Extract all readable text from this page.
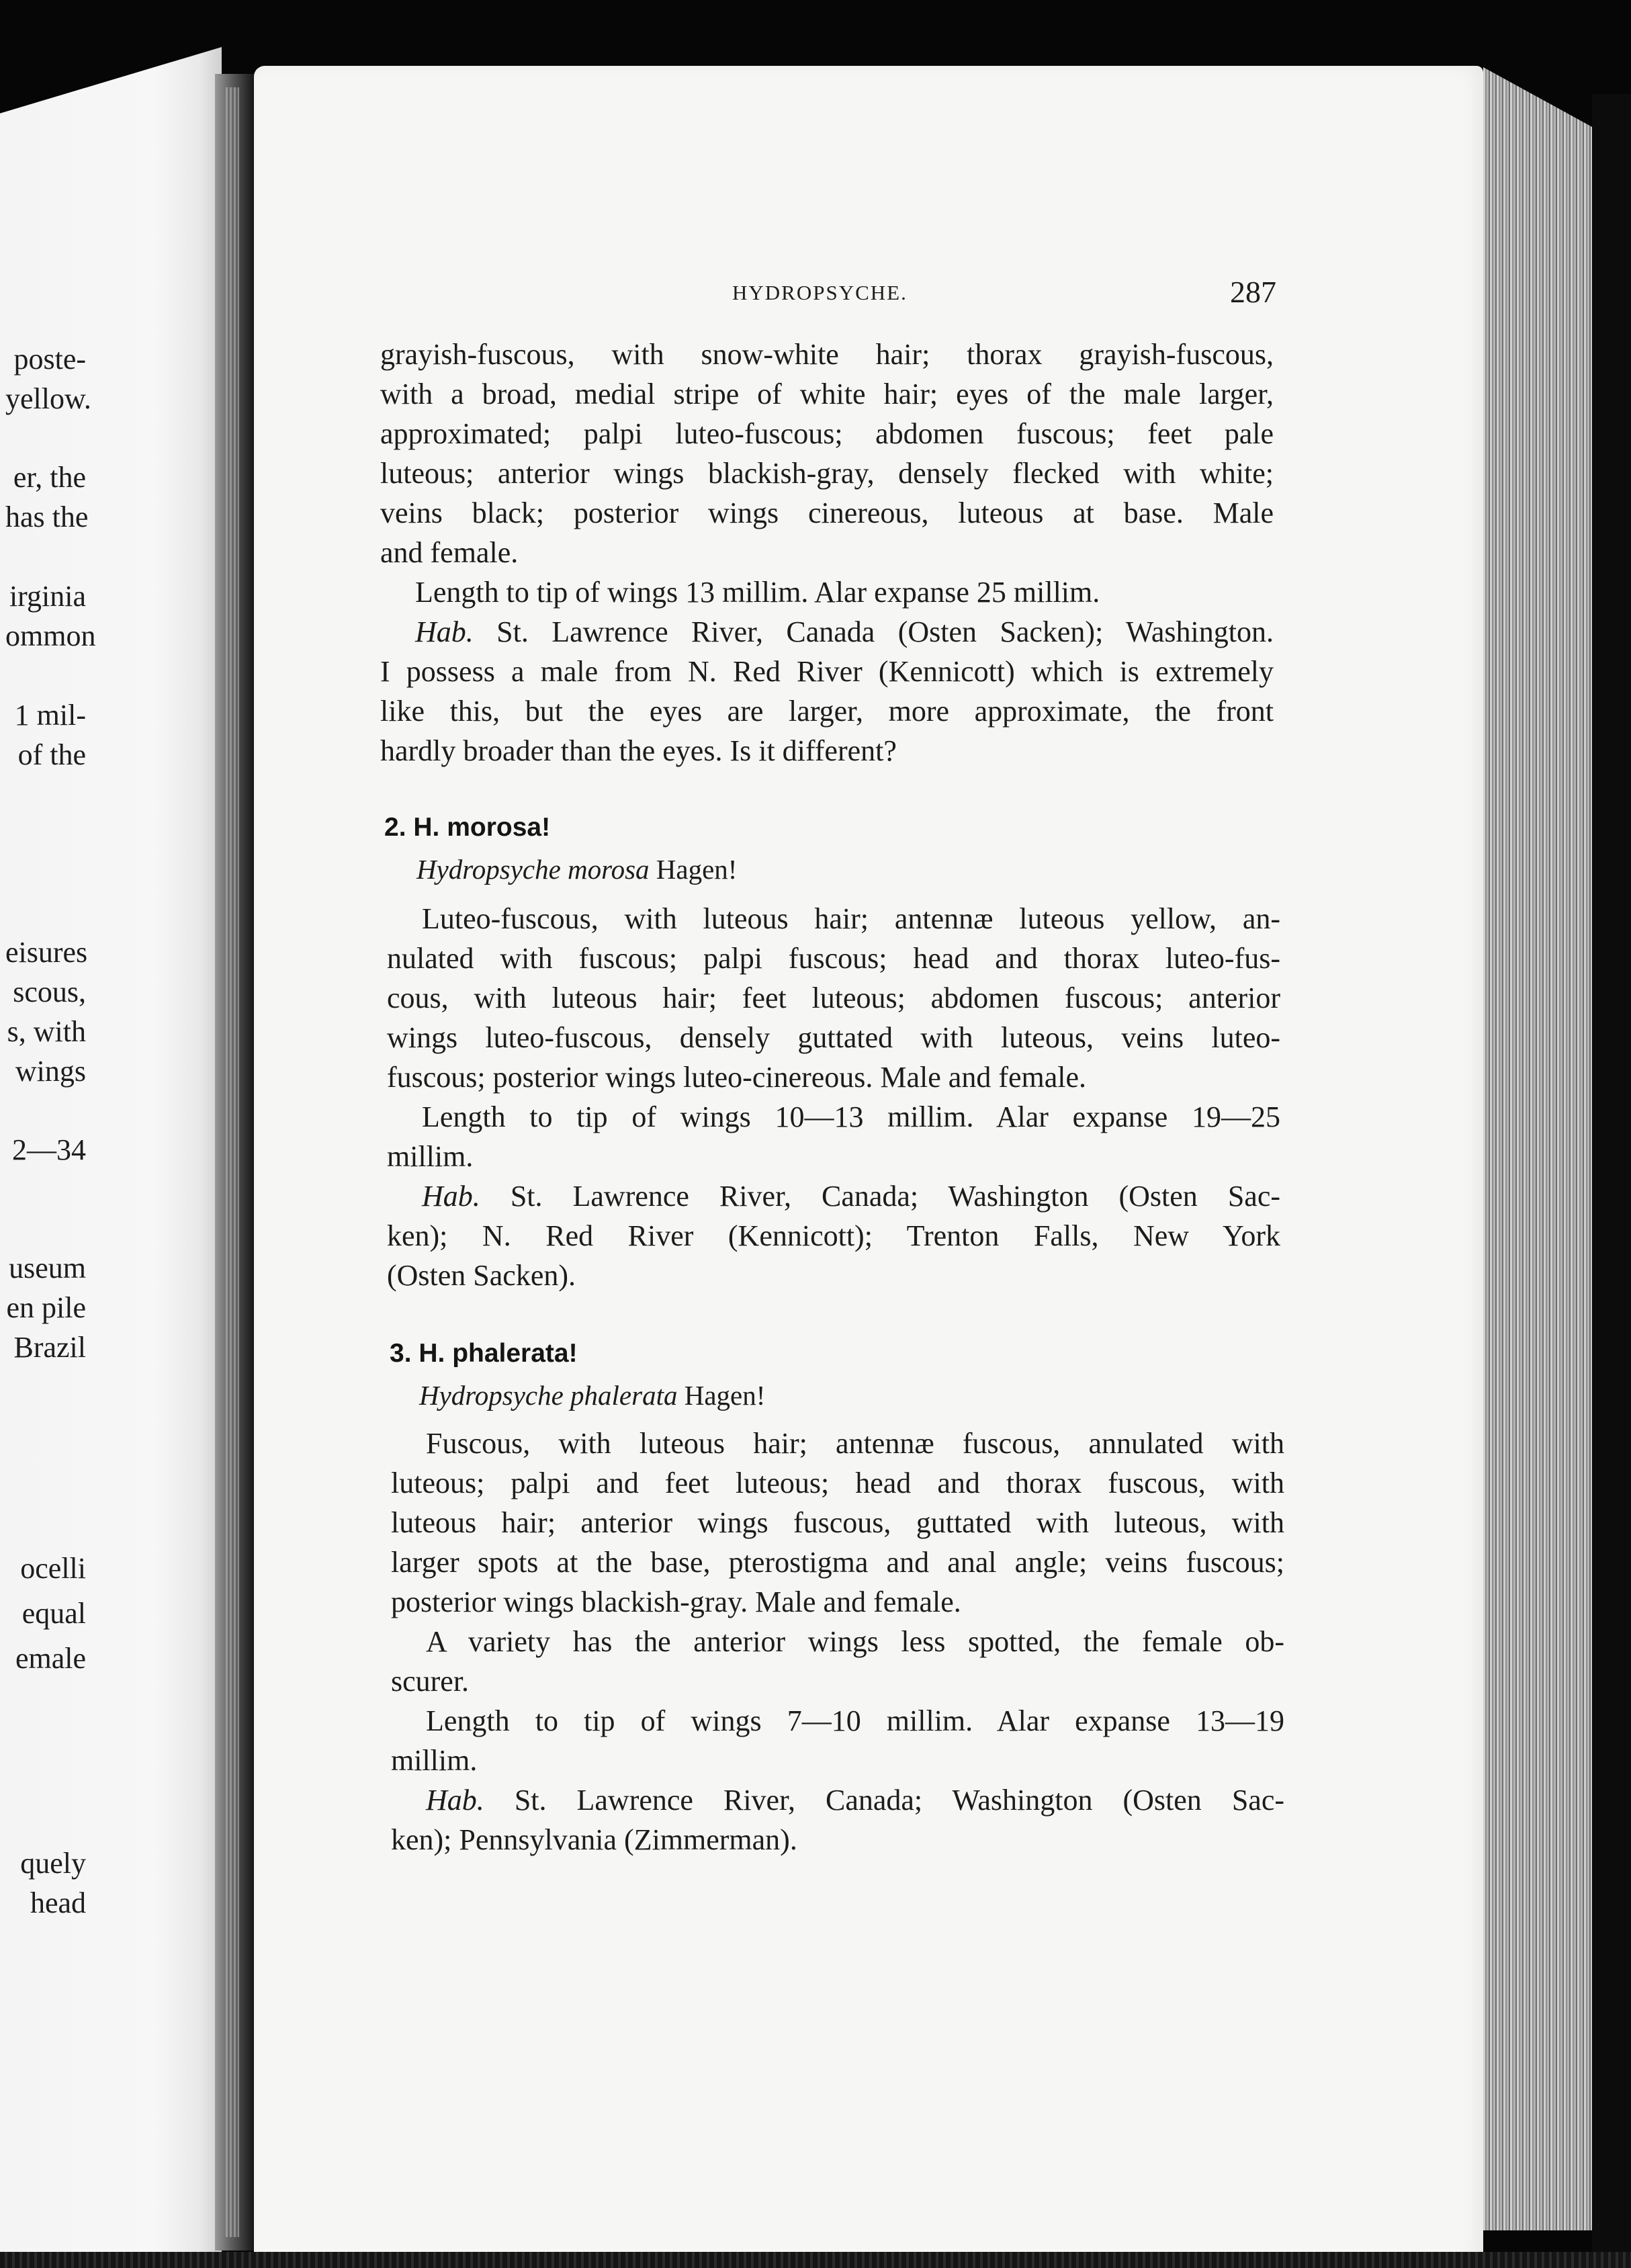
poste-
yellow.
er, the
has the
irginia
ommon
1 mil-
of the
eisures
scous,
s, with
wings
2—34
useum
en pile
Brazil
ocelli
equal
emale
quely
head
HYDROPSYCHE.	287
grayish-fuscous, with snow-white hair; thorax grayish-fuscous,
with a broad, medial stripe of white hair; eyes of the male larger,
approximated; palpi luteo-fuscous; abdomen fuscous; feet pale
luteous; anterior wings blackish-gray, densely flecked with white;
veins black; posterior wings cinereous, luteous at base. Male
and female.
Length to tip of wings 13 millim. Alar expanse 25 millim.
Hab. St. Lawrence River, Canada (Osten Sacken); Washington.
I possess a male from N. Red River (Kennicott) which is extremely
like this, but the eyes are larger, more approximate, the front
hardly broader than the eyes. Is it different?
2. H. morosa!
Hydropsyche morosa Hagen!
Luteo-fuscous, with luteous hair; antennæ luteous yellow, an-
nulated with fuscous; palpi fuscous; head and thorax luteo-fus-
cous, with luteous hair; feet luteous; abdomen fuscous; anterior
wings luteo-fuscous, densely guttated with luteous, veins luteo-
fuscous; posterior wings luteo-cinereous. Male and female.
Length to tip of wings 10—13 millim. Alar expanse 19—25
millim.
Hab. St. Lawrence River, Canada; Washington (Osten Sac-
ken); N. Red River (Kennicott); Trenton Falls, New York
(Osten Sacken).
3. H. phalerata!
Hydropsyche phalerata Hagen!
Fuscous, with luteous hair; antennæ fuscous, annulated with
luteous; palpi and feet luteous; head and thorax fuscous, with
luteous hair; anterior wings fuscous, guttated with luteous, with
larger spots at the base, pterostigma and anal angle; veins fuscous;
posterior wings blackish-gray. Male and female.
A variety has the anterior wings less spotted, the female ob-
scurer.
Length to tip of wings 7—10 millim. Alar expanse 13—19
millim.
Hab. St. Lawrence River, Canada; Washington (Osten Sac-
ken); Pennsylvania (Zimmerman).
